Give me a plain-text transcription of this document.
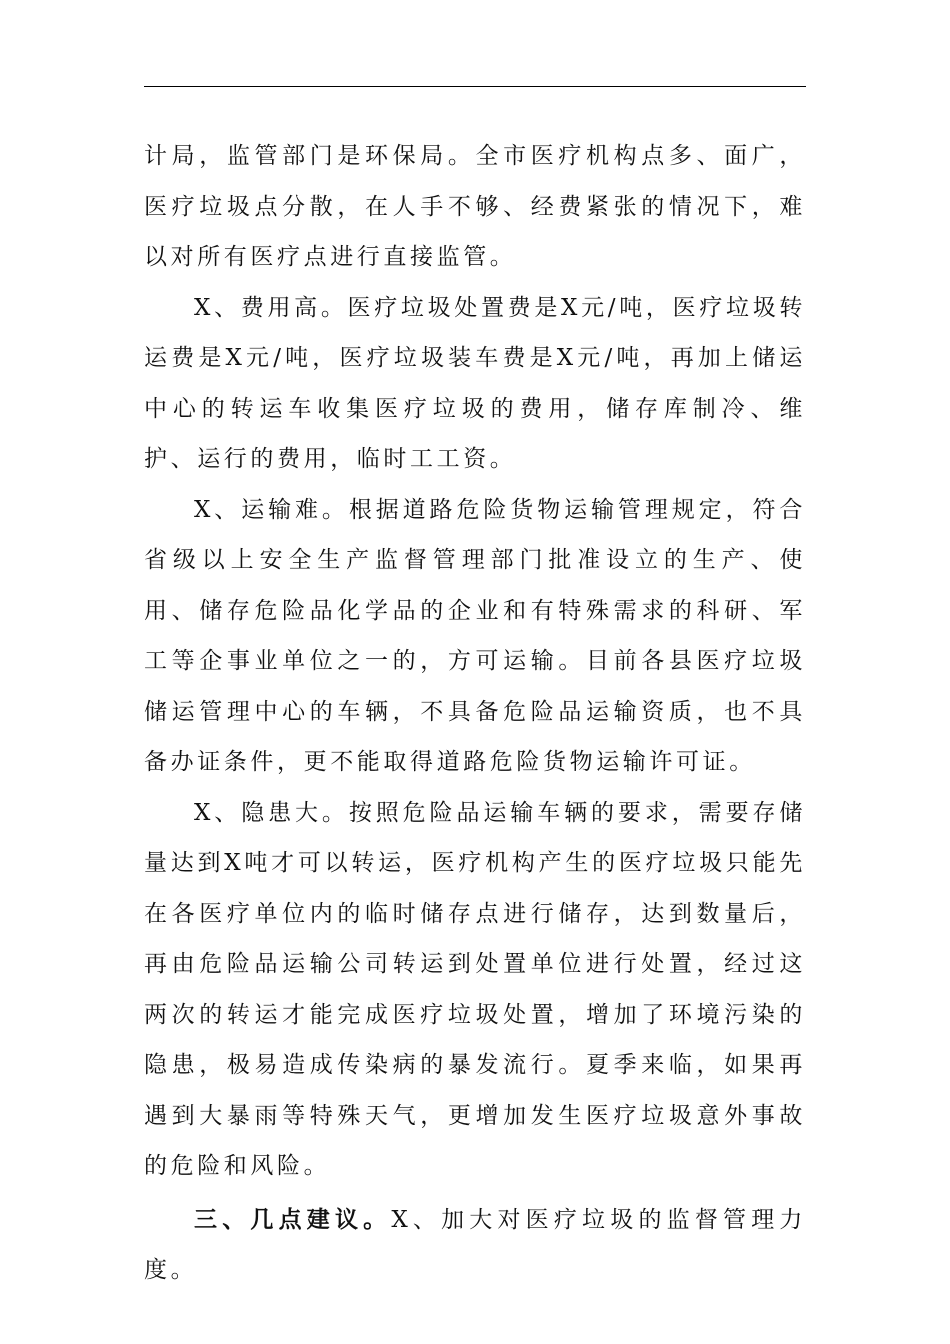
计局，监管部门是环保局。全市医疗机构点多、面广，医疗垃圾点分散，在人手不够、经费紧张的情况下，难以对所有医疗点进行直接监管。

X、费用高。医疗垃圾处置费是X元/吨，医疗垃圾转运费是X元/吨，医疗垃圾装车费是X元/吨，再加上储运中心的转运车收集医疗垃圾的费用，储存库制冷、维护、运行的费用，临时工工资。

X、运输难。根据道路危险货物运输管理规定，符合省级以上安全生产监督管理部门批准设立的生产、使用、储存危险品化学品的企业和有特殊需求的科研、军工等企事业单位之一的，方可运输。目前各县医疗垃圾储运管理中心的车辆，不具备危险品运输资质，也不具备办证条件，更不能取得道路危险货物运输许可证。

X、隐患大。按照危险品运输车辆的要求，需要存储量达到X吨才可以转运，医疗机构产生的医疗垃圾只能先在各医疗单位内的临时储存点进行储存，达到数量后，再由危险品运输公司转运到处置单位进行处置，经过这两次的转运才能完成医疗垃圾处置，增加了环境污染的隐患，极易造成传染病的暴发流行。夏季来临，如果再遇到大暴雨等特殊天气，更增加发生医疗垃圾意外事故的危险和风险。

三、几点建议。X、加大对医疗垃圾的监督管理力度。
